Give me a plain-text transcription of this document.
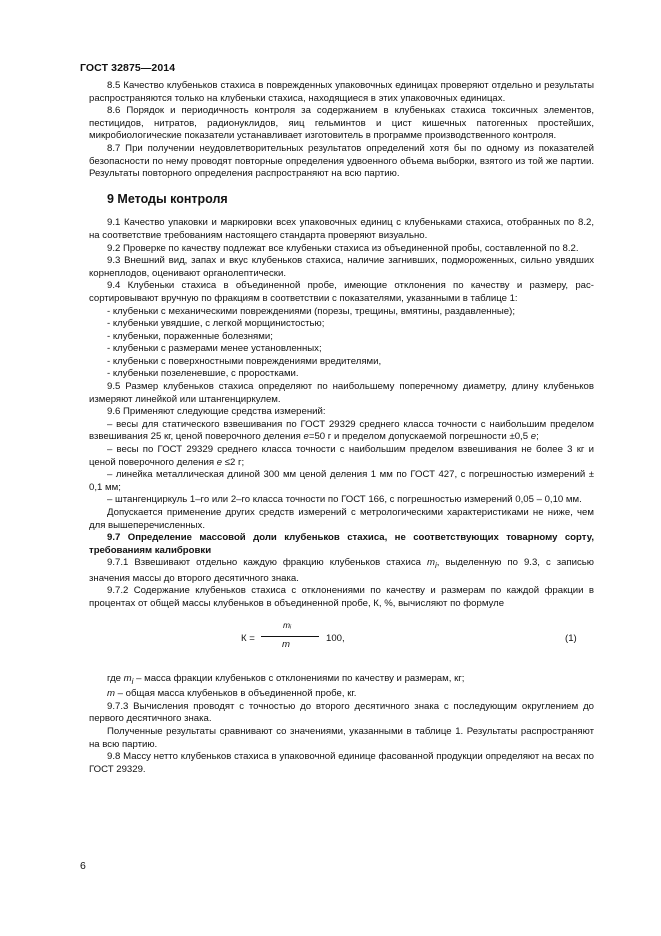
ГОСТ 32875—2014

8.5 Качество клубеньков стахиса в поврежденных упаковочных единицах проверяют отдельно и результаты распространяются только на клубеньки стахиса, находящиеся в этих упаковочных единицах.

8.6 Порядок и периодичность контроля за содержанием в клубеньках стахиса токсичных элементов, пестицидов, нитратов, радионуклидов, яиц гельминтов и цист кишечных патогенных простейших, микробиологические показатели устанавливает изготовитель в программе производственного контроля.

8.7 При получении неудовлетворительных результатов определений хотя бы по одному из показателей безопасности по нему проводят повторные определения удвоенного объема выборки, взятого из той же партии. Результаты повторного определения распространяют на всю партию.

9 Методы контроля

9.1 Качество упаковки и маркировки всех упаковочных единиц с клубеньками стахиса, отобранных по 8.2, на соответствие требованиям настоящего стандарта проверяют визуально.

9.2 Проверке по качеству подлежат все клубеньки стахиса из объединенной пробы, составленной по 8.2.

9.3 Внешний вид, запах и вкус клубеньков стахиса, наличие загнивших, подмороженных, сильно увядших корнеплодов, оценивают органолептически.

9.4 Клубеньки стахиса в объединенной пробе, имеющие отклонения по качеству и размеру, рассортировывают вручную по фракциям в соответствии с показателями, указанными в таблице 1:

- клубеньки с механическими повреждениями (порезы, трещины, вмятины, раздавленные);

- клубеньки увядшие, с легкой морщинистостью;

- клубеньки, пораженные болезнями;

- клубеньки с размерами менее установленных;

- клубеньки с поверхностными повреждениями вредителями,

- клубеньки позеленевшие, с проростками.

9.5 Размер клубеньков стахиса определяют по наибольшему поперечному диаметру, длину клубеньков измеряют линейкой или штангенциркулем.

9.6 Применяют следующие средства измерений:

– весы для статического взвешивания по ГОСТ 29329 среднего класса точности с наибольшим пределом взвешивания 25 кг, ценой поверочного деления е=50 г и пределом допускаемой погрешности ±0,5 е;

– весы по ГОСТ 29329 среднего класса точности с наибольшим пределом взвешивания не более 3 кг и ценой поверочного деления е ≤2 г;

– линейка металлическая длиной 300 мм ценой деления 1 мм по ГОСТ 427, с погрешностью измерений ± 0,1 мм;

– штангенциркуль 1–го или 2–го класса точности по ГОСТ 166, с погрешностью измерений 0,05 – 0,10 мм.

Допускается применение других средств измерений с метрологическими характеристиками не ниже, чем для вышеперечисленных.

9.7 Определение массовой доли клубеньков стахиса, не соответствующих товарному сорту, требованиям калибровки

9.7.1 Взвешивают отдельно каждую фракцию клубеньков стахиса $m_i$, выделенную по 9.3, с записью значения массы до второго десятичного знака.

9.7.2 Содержание клубеньков стахиса с отклонениями по качеству и размерам по каждой фракции в процентах от общей массы клубеньков в объединенной пробе, К, %, вычисляют по формуле

К =
mᵢ
m
100,	(1)

где $m_i$ – масса фракции клубеньков с отклонениями по качеству и размерам, кг;

m – общая масса клубеньков в объединенной пробе, кг.

9.7.3 Вычисления проводят с точностью до второго десятичного знака с последующим округлением до первого десятичного знака.

Полученные результаты сравнивают со значениями, указанными в таблице 1. Результаты распространяют на всю партию.

9.8 Массу нетто клубеньков стахиса в упаковочной единице фасованной продукции определяют на весах по ГОСТ 29329.

6
